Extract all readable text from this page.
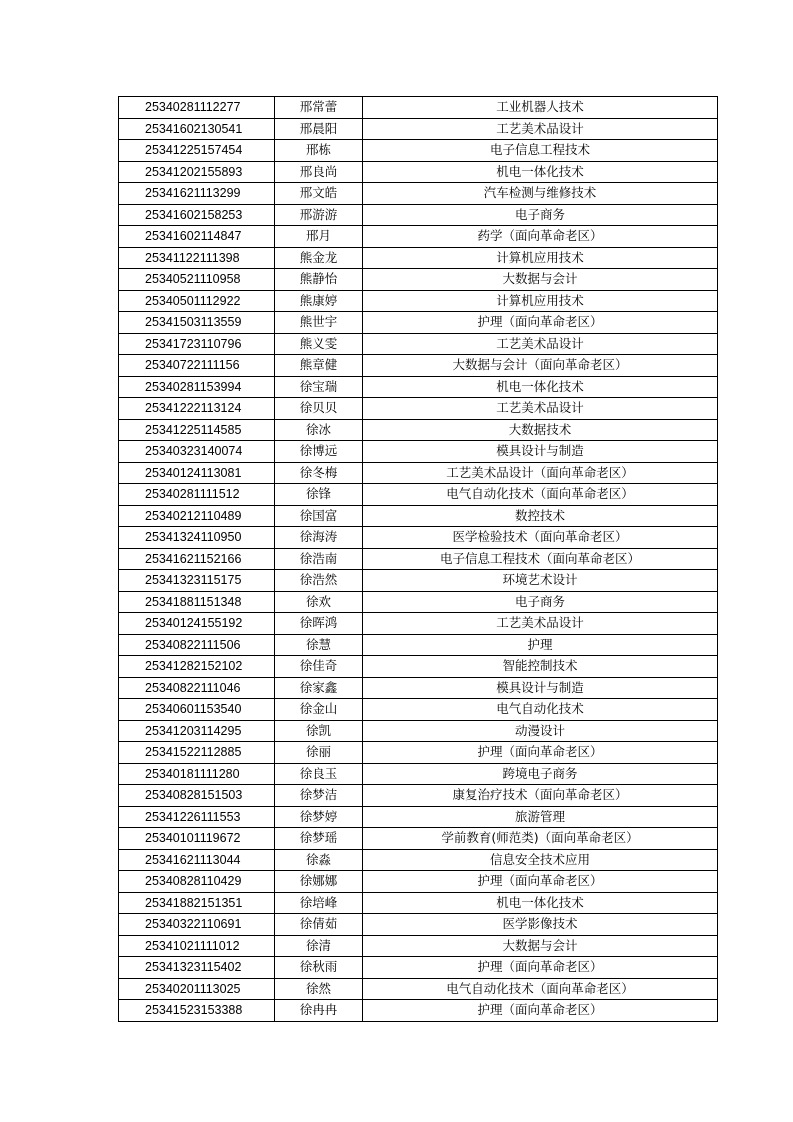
25340281112277	邢常蕾	工业机器人技术
25341602130541	邢晨阳	工艺美术品设计
25341225157454	邢栋	电子信息工程技术
25341202155893	邢良尚	机电一体化技术
25341621113299	邢文皓	汽车检测与维修技术
25341602158253	邢游游	电子商务
25341602114847	邢月	药学（面向革命老区）
25341122111398	熊金龙	计算机应用技术
25340521110958	熊静怡	大数据与会计
25340501112922	熊康婷	计算机应用技术
25341503113559	熊世宇	护理（面向革命老区）
25341723110796	熊义雯	工艺美术品设计
25340722111156	熊章健	大数据与会计（面向革命老区）
25340281153994	徐宝瑞	机电一体化技术
25341222113124	徐贝贝	工艺美术品设计
25341225114585	徐冰	大数据技术
25340323140074	徐博远	模具设计与制造
25340124113081	徐冬梅	工艺美术品设计（面向革命老区）
25340281111512	徐锋	电气自动化技术（面向革命老区）
25340212110489	徐国富	数控技术
25341324110950	徐海涛	医学检验技术（面向革命老区）
25341621152166	徐浩南	电子信息工程技术（面向革命老区）
25341323115175	徐浩然	环境艺术设计
25341881151348	徐欢	电子商务
25340124155192	徐晖鸿	工艺美术品设计
25340822111506	徐慧	护理
25341282152102	徐佳奇	智能控制技术
25340822111046	徐家鑫	模具设计与制造
25340601153540	徐金山	电气自动化技术
25341203114295	徐凯	动漫设计
25341522112885	徐丽	护理（面向革命老区）
25340181111280	徐良玉	跨境电子商务
25340828151503	徐梦洁	康复治疗技术（面向革命老区）
25341226111553	徐梦婷	旅游管理
25340101119672	徐梦瑶	学前教育(师范类)（面向革命老区）
25341621113044	徐淼	信息安全技术应用
25340828110429	徐娜娜	护理（面向革命老区）
25341882151351	徐培峰	机电一体化技术
25340322110691	徐倩茹	医学影像技术
25341021111012	徐清	大数据与会计
25341323115402	徐秋雨	护理（面向革命老区）
25340201113025	徐然	电气自动化技术（面向革命老区）
25341523153388	徐冉冉	护理（面向革命老区）
